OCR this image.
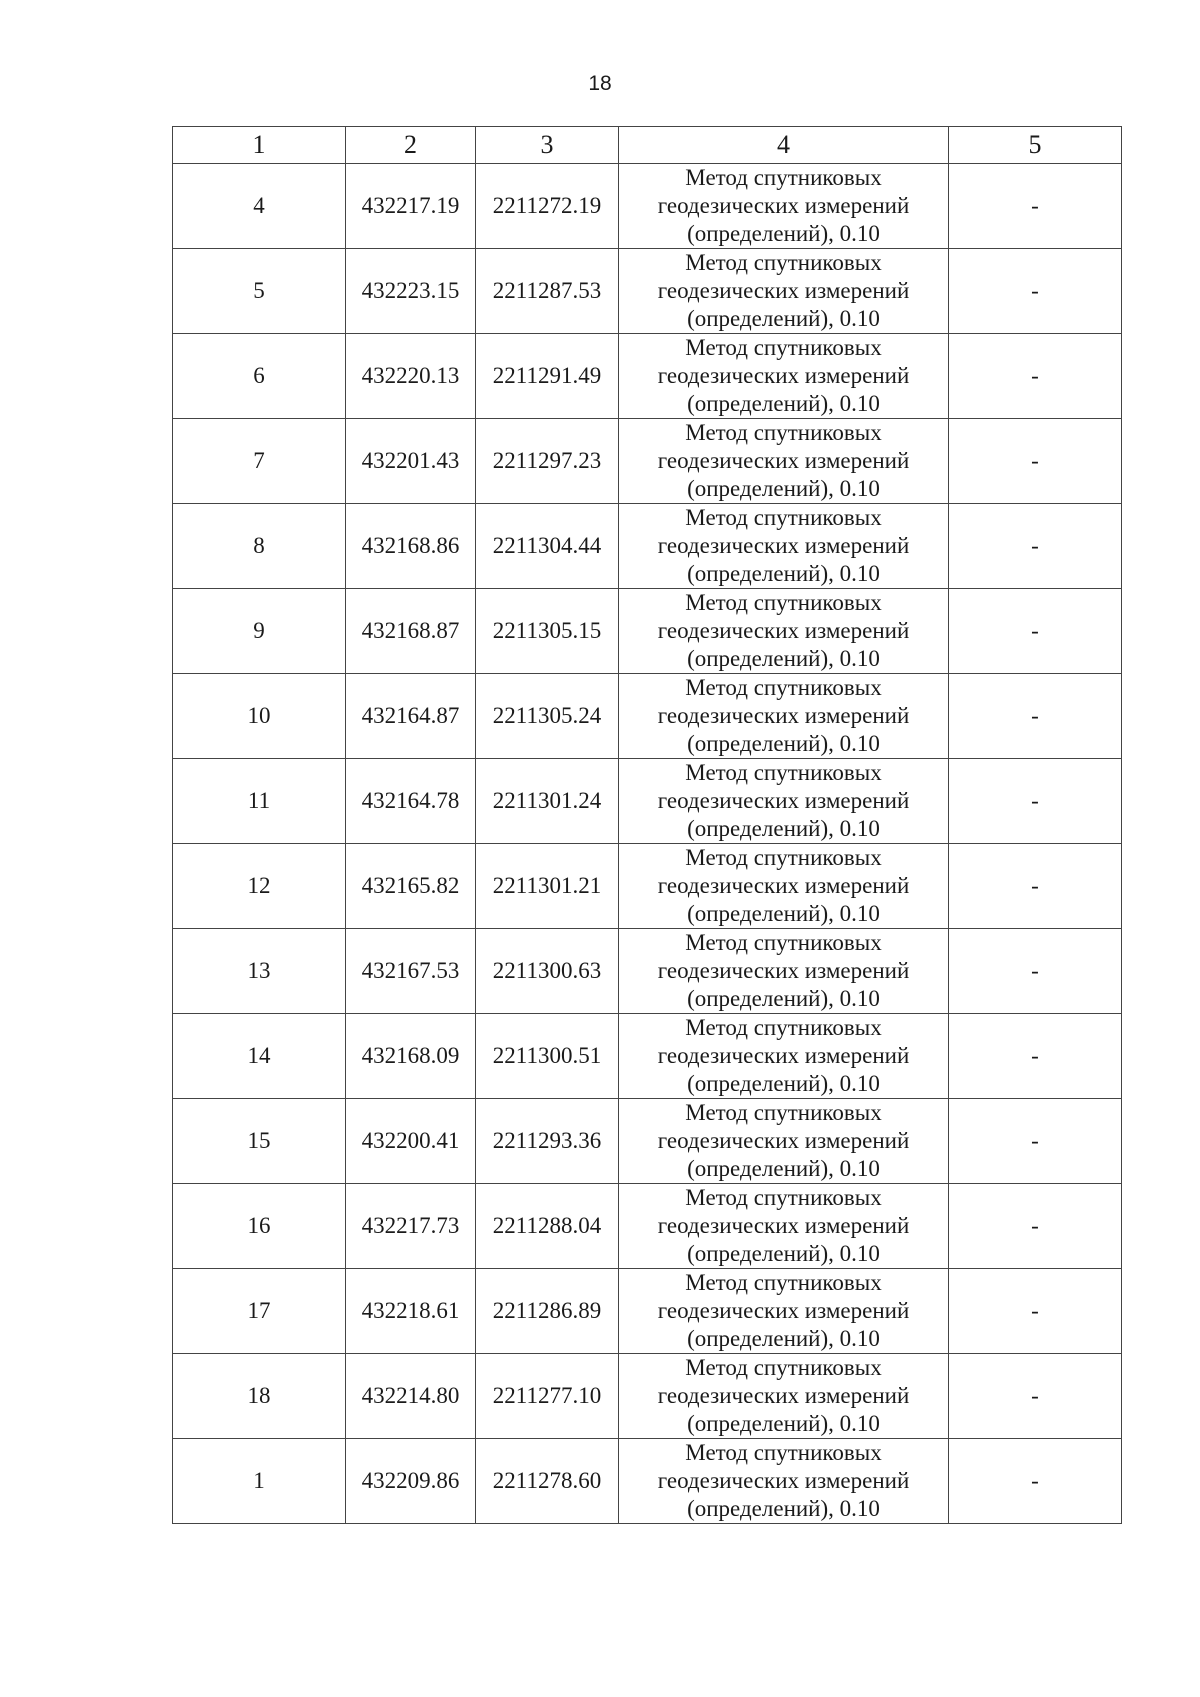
18
1	2	3	4	5
4	432217.19	2211272.19	Метод спутниковых
геодезических измерений
(определений), 0.10	-
5	432223.15	2211287.53	Метод спутниковых
геодезических измерений
(определений), 0.10	-
6	432220.13	2211291.49	Метод спутниковых
геодезических измерений
(определений), 0.10	-
7	432201.43	2211297.23	Метод спутниковых
геодезических измерений
(определений), 0.10	-
8	432168.86	2211304.44	Метод спутниковых
геодезических измерений
(определений), 0.10	-
9	432168.87	2211305.15	Метод спутниковых
геодезических измерений
(определений), 0.10	-
10	432164.87	2211305.24	Метод спутниковых
геодезических измерений
(определений), 0.10	-
11	432164.78	2211301.24	Метод спутниковых
геодезических измерений
(определений), 0.10	-
12	432165.82	2211301.21	Метод спутниковых
геодезических измерений
(определений), 0.10	-
13	432167.53	2211300.63	Метод спутниковых
геодезических измерений
(определений), 0.10	-
14	432168.09	2211300.51	Метод спутниковых
геодезических измерений
(определений), 0.10	-
15	432200.41	2211293.36	Метод спутниковых
геодезических измерений
(определений), 0.10	-
16	432217.73	2211288.04	Метод спутниковых
геодезических измерений
(определений), 0.10	-
17	432218.61	2211286.89	Метод спутниковых
геодезических измерений
(определений), 0.10	-
18	432214.80	2211277.10	Метод спутниковых
геодезических измерений
(определений), 0.10	-
1	432209.86	2211278.60	Метод спутниковых
геодезических измерений
(определений), 0.10	-
